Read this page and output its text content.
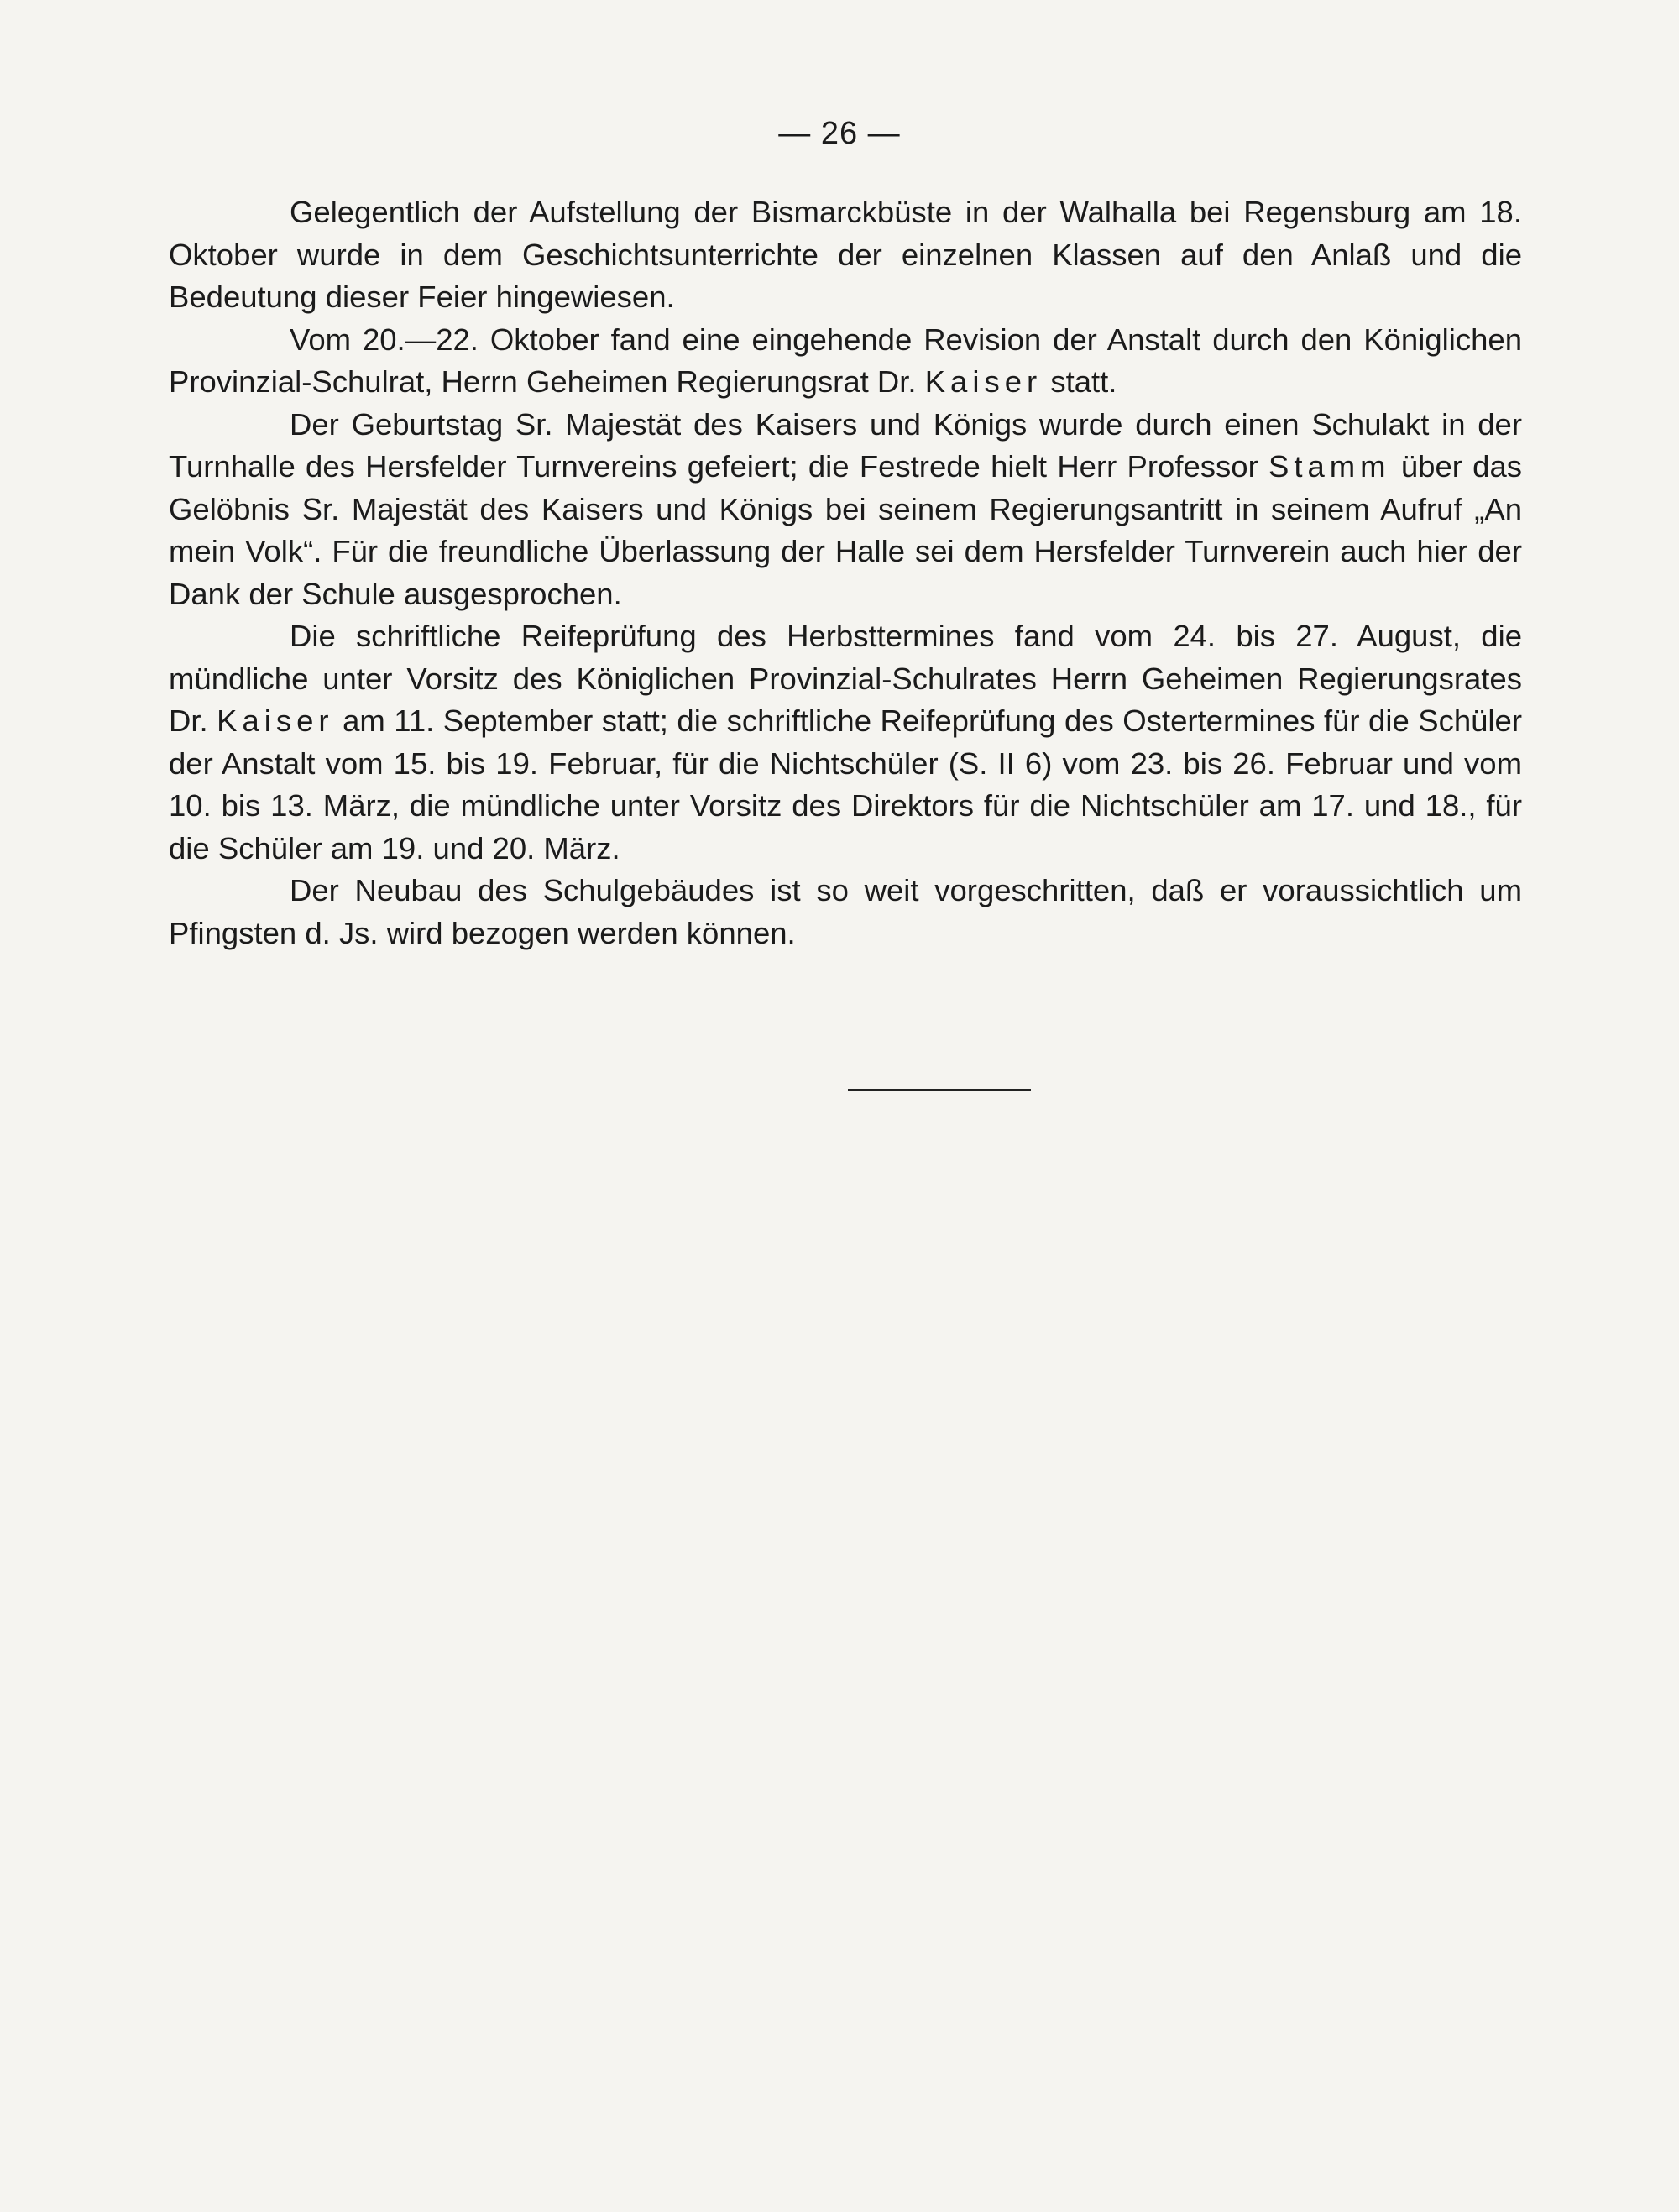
— 26 —

Gelegentlich der Aufstellung der Bismarckbüste in der Walhalla bei Regensburg am 18. Oktober wurde in dem Geschichtsunterrichte der einzelnen Klassen auf den Anlaß und die Bedeutung dieser Feier hingewiesen.

Vom 20.—22. Oktober fand eine eingehende Revision der Anstalt durch den Königlichen Provinzial-Schulrat, Herrn Geheimen Regierungsrat Dr. Kaiser statt.

Der Geburtstag Sr. Majestät des Kaisers und Königs wurde durch einen Schulakt in der Turnhalle des Hersfelder Turnvereins gefeiert; die Festrede hielt Herr Professor Stamm über das Gelöbnis Sr. Majestät des Kaisers und Königs bei seinem Regierungsantritt in seinem Aufruf „An mein Volk“. Für die freundliche Überlassung der Halle sei dem Hersfelder Turnverein auch hier der Dank der Schule ausgesprochen.

Die schriftliche Reifeprüfung des Herbsttermines fand vom 24. bis 27. August, die mündliche unter Vorsitz des Königlichen Provinzial-Schulrates Herrn Geheimen Regierungsrates Dr. Kaiser am 11. September statt; die schriftliche Reifeprüfung des Ostertermines für die Schüler der Anstalt vom 15. bis 19. Februar, für die Nichtschüler (S. II 6) vom 23. bis 26. Februar und vom 10. bis 13. März, die mündliche unter Vorsitz des Direktors für die Nichtschüler am 17. und 18., für die Schüler am 19. und 20. März.

Der Neubau des Schulgebäudes ist so weit vorgeschritten, daß er voraussichtlich um Pfingsten d. Js. wird bezogen werden können.
